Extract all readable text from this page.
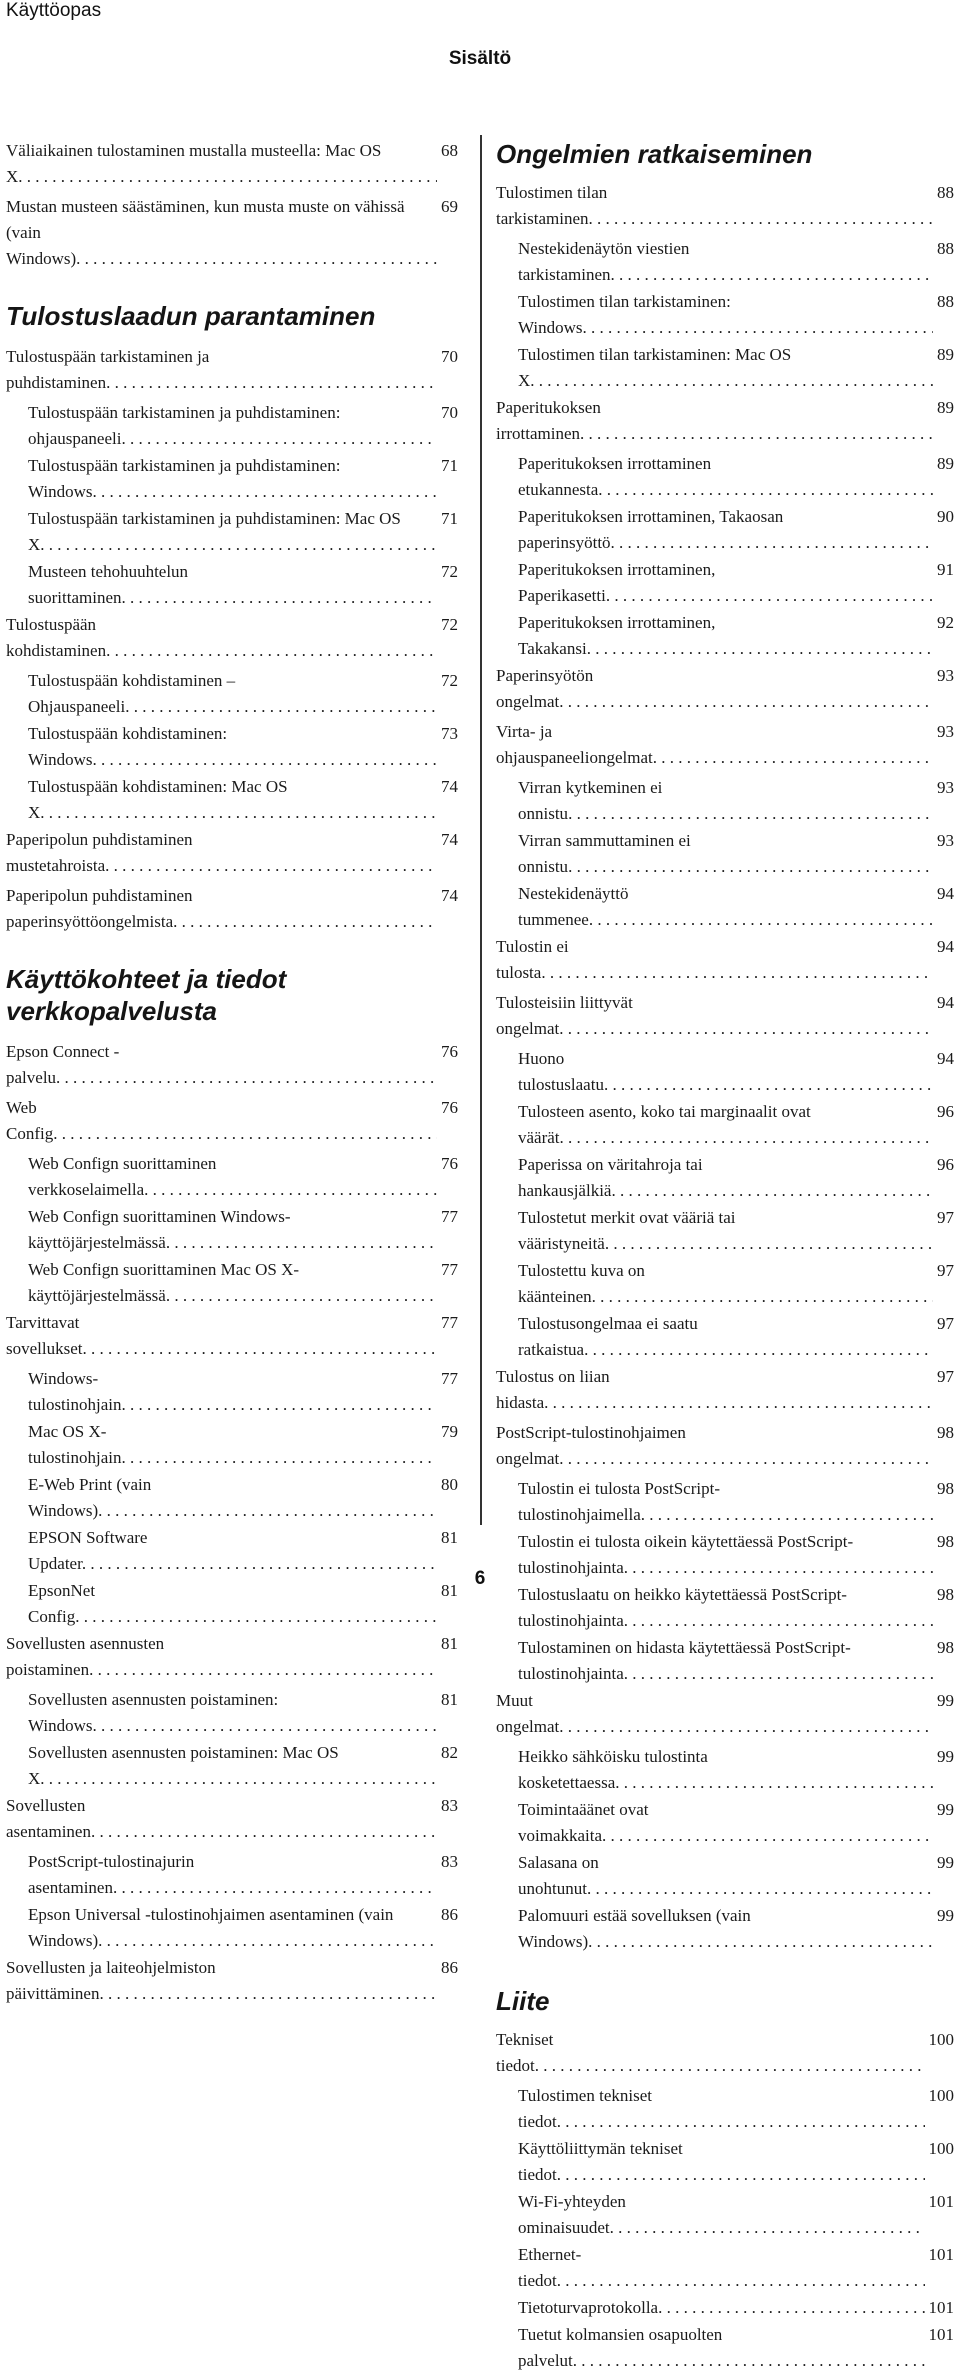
Käyttöopas
Sisältö
Väliaikainen tulostaminen mustalla musteella: Mac OS X . . .
68
Mustan musteen säästäminen, kun musta muste on vähissä (vain Windows) . . .
69
Tulostuslaadun parantaminen
Tulostuspään tarkistaminen ja puhdistaminen . . .
70
Tulostuspään tarkistaminen ja puhdistaminen: ohjauspaneeli . . .
70
Tulostuspään tarkistaminen ja puhdistaminen: Windows . . .
71
Tulostuspään tarkistaminen ja puhdistaminen: Mac OS X . . .
71
Musteen tehohuuhtelun suorittaminen . . .
72
Tulostuspään kohdistaminen . . .
72
Tulostuspään kohdistaminen – Ohjauspaneeli . . .
72
Tulostuspään kohdistaminen: Windows . . .
73
Tulostuspään kohdistaminen: Mac OS X . . .
74
Paperipolun puhdistaminen mustetahroista . . .
74
Paperipolun puhdistaminen paperinsyöttöongelmista . . .
74
Käyttökohteet ja tiedot verkkopalvelusta
Epson Connect -palvelu . . .
76
Web Config . . .
76
Web Confign suorittaminen verkkoselaimella . . .
76
Web Confign suorittaminen Windows-käyttöjärjestelmässä . . .
77
Web Confign suorittaminen Mac OS X-käyttöjärjestelmässä . . .
77
Tarvittavat sovellukset . . .
77
Windows-tulostinohjain . . .
77
Mac OS X-tulostinohjain . . .
79
E-Web Print (vain Windows) . . .
80
EPSON Software Updater . . .
81
EpsonNet Config . . .
81
Sovellusten asennusten poistaminen . . .
81
Sovellusten asennusten poistaminen: Windows . . .
81
Sovellusten asennusten poistaminen: Mac OS X . . .
82
Sovellusten asentaminen . . .
83
PostScript-tulostinajurin asentaminen . . .
83
Epson Universal -tulostinohjaimen asentaminen (vain Windows) . . .
86
Sovellusten ja laiteohjelmiston päivittäminen . . .
86
Ongelmien ratkaiseminen
Tulostimen tilan tarkistaminen . . .
88
Nestekidenäytön viestien tarkistaminen . . .
88
Tulostimen tilan tarkistaminen: Windows . . .
88
Tulostimen tilan tarkistaminen: Mac OS X . . .
89
Paperitukoksen irrottaminen . . .
89
Paperitukoksen irrottaminen etukannesta . . .
89
Paperitukoksen irrottaminen, Takaosan paperinsyöttö . . .
90
Paperitukoksen irrottaminen, Paperikasetti . . .
91
Paperitukoksen irrottaminen, Takakansi . . .
92
Paperinsyötön ongelmat . . .
93
Virta- ja ohjauspaneeliongelmat . . .
93
Virran kytkeminen ei onnistu . . .
93
Virran sammuttaminen ei onnistu . . .
93
Nestekidenäyttö tummenee . . .
94
Tulostin ei tulosta . . .
94
Tulosteisiin liittyvät ongelmat . . .
94
Huono tulostuslaatu . . .
94
Tulosteen asento, koko tai marginaalit ovat väärät . . .
96
Paperissa on väritahroja tai hankausjälkiä . . .
96
Tulostetut merkit ovat vääriä tai vääristyneitä . . .
97
Tulostettu kuva on käänteinen . . .
97
Tulostusongelmaa ei saatu ratkaistua . . .
97
Tulostus on liian hidasta . . .
97
PostScript-tulostinohjaimen ongelmat . . .
98
Tulostin ei tulosta PostScript-tulostinohjaimella . . .
98
Tulostin ei tulosta oikein käytettäessä PostScript-tulostinohjainta . . .
98
Tulostuslaatu on heikko käytettäessä PostScript-tulostinohjainta . . .
98
Tulostaminen on hidasta käytettäessä PostScript-tulostinohjainta . . .
98
Muut ongelmat . . .
99
Heikko sähköisku tulostinta kosketettaessa . . .
99
Toimintaäänet ovat voimakkaita . . .
99
Salasana on unohtunut . . .
99
Palomuuri estää sovelluksen (vain Windows) . . .
99
Liite
Tekniset tiedot . . .
100
Tulostimen tekniset tiedot . . .
100
Käyttöliittymän tekniset tiedot . . .
100
Wi-Fi-yhteyden ominaisuudet . . .
101
Ethernet-tiedot . . .
101
Tietoturvaprotokolla . . .	101
Tuetut kolmansien osapuolten palvelut . . .
101
6
